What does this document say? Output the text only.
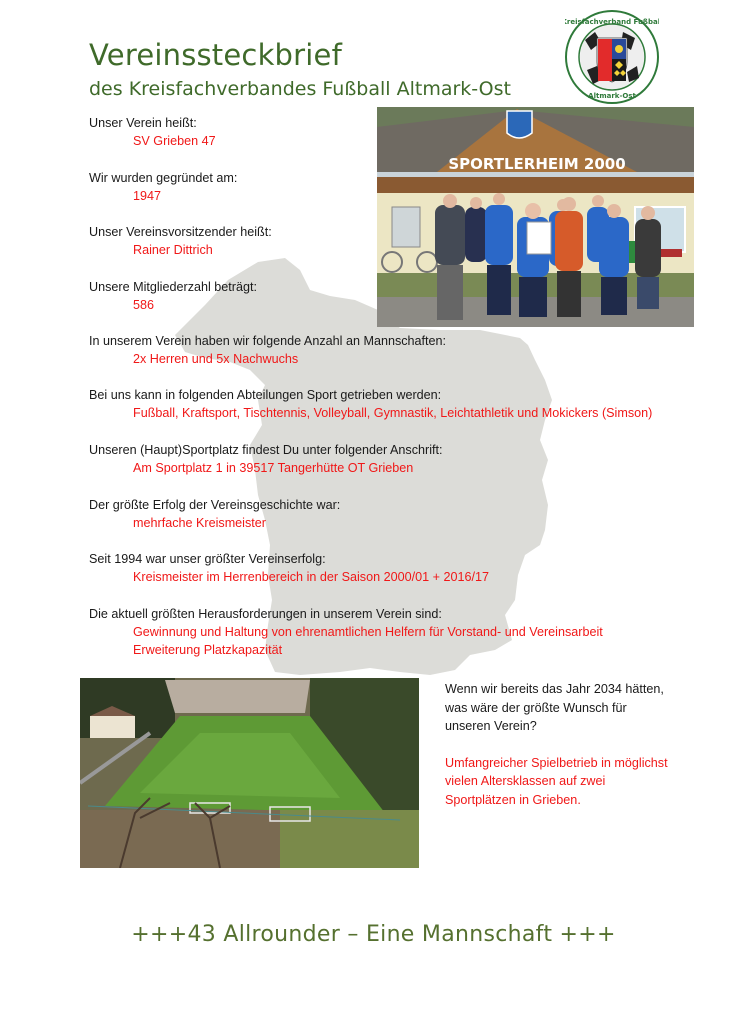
Vereinssteckbrief
des Kreisfachverbandes Fußball Altmark-Ost
Kreisfachverband Fußball
Altmark-Ost
SPORTLERHEIM 2000
Unser Verein heißt:
SV Grieben 47
Wir wurden gegründet am:
1947
Unser Vereinsvorsitzender heißt:
Rainer Dittrich
Unsere Mitgliederzahl beträgt:
586
In unserem Verein haben wir folgende Anzahl an Mannschaften:
2x Herren und 5x Nachwuchs
Bei uns kann in folgenden Abteilungen Sport getrieben werden:
Fußball, Kraftsport, Tischtennis, Volleyball, Gymnastik, Leichtathletik und Mokickers (Simson)
Unseren (Haupt)Sportplatz findest Du unter folgender Anschrift:
Am Sportplatz 1 in 39517 Tangerhütte OT Grieben
Der größte Erfolg der Vereinsgeschichte war:
mehrfache Kreismeister
Seit 1994 war unser größter Vereinserfolg:
Kreismeister im Herrenbereich in der Saison 2000/01 + 2016/17
Die aktuell größten Herausforderungen in unserem Verein sind:
Gewinnung und Haltung von ehrenamtlichen Helfern für Vorstand- und Vereinsarbeit
Erweiterung Platzkapazität
Wenn wir bereits das Jahr 2034 hätten, was wäre der größte Wunsch für unseren Verein?
Umfangreicher Spielbetrieb in möglichst vielen Altersklassen auf zwei Sportplätzen in Grieben.

+++43 Allrounder – Eine Mannschaft +++
